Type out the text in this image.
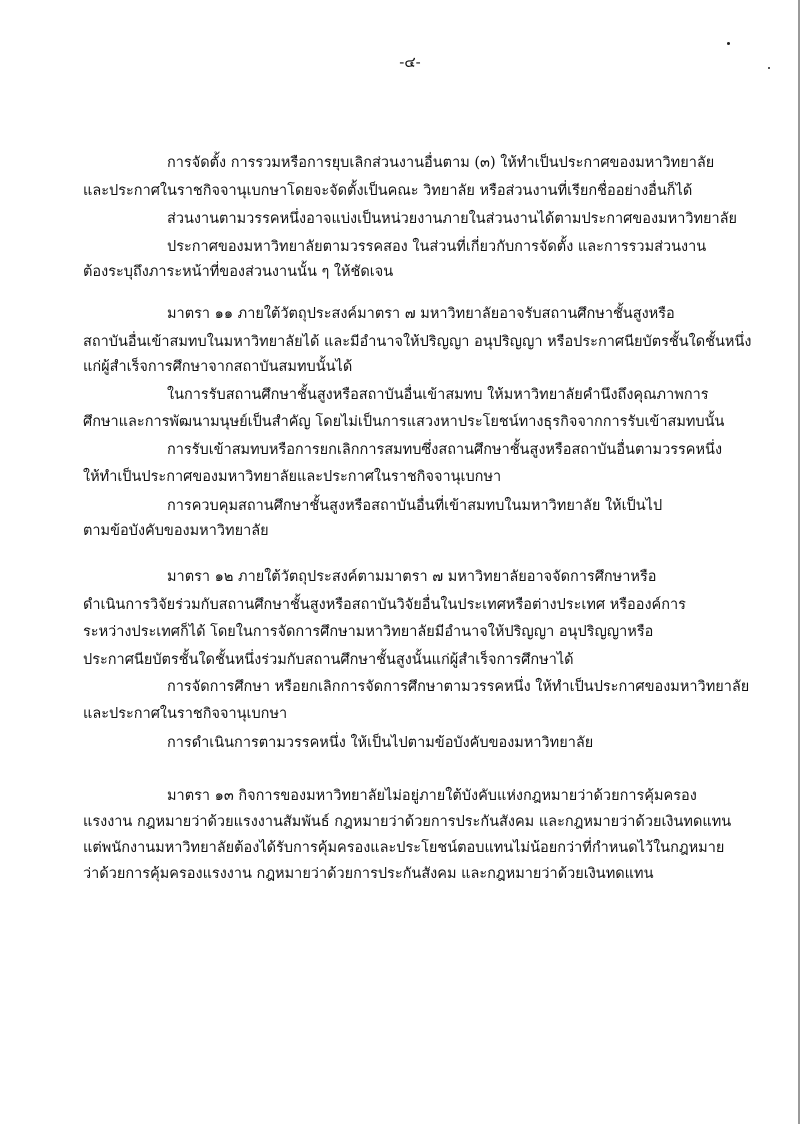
-๔-
การจัดตั้ง การรวมหรือการยุบเลิกส่วนงานอื่นตาม (๓) ให้ทำเป็นประกาศของมหาวิทยาลัย
และประกาศในราชกิจจานุเบกษาโดยจะจัดตั้งเป็นคณะ วิทยาลัย หรือส่วนงานที่เรียกชื่ออย่างอื่นก็ได้
ส่วนงานตามวรรคหนึ่งอาจแบ่งเป็นหน่วยงานภายในส่วนงานได้ตามประกาศของมหาวิทยาลัย
ประกาศของมหาวิทยาลัยตามวรรคสอง ในส่วนที่เกี่ยวกับการจัดตั้ง และการรวมส่วนงาน
ต้องระบุถึงภาระหน้าที่ของส่วนงานนั้น ๆ ให้ชัดเจน
มาตรา ๑๑ ภายใต้วัตถุประสงค์มาตรา ๗ มหาวิทยาลัยอาจรับสถานศึกษาชั้นสูงหรือ
สถาบันอื่นเข้าสมทบในมหาวิทยาลัยได้ และมีอำนาจให้ปริญญา อนุปริญญา หรือประกาศนียบัตรชั้นใดชั้นหนึ่ง
แก่ผู้สำเร็จการศึกษาจากสถาบันสมทบนั้นได้
ในการรับสถานศึกษาชั้นสูงหรือสถาบันอื่นเข้าสมทบ ให้มหาวิทยาลัยคำนึงถึงคุณภาพการ
ศึกษาและการพัฒนามนุษย์เป็นสำคัญ โดยไม่เป็นการแสวงหาประโยชน์ทางธุรกิจจากการรับเข้าสมทบนั้น
การรับเข้าสมทบหรือการยกเลิกการสมทบซึ่งสถานศึกษาชั้นสูงหรือสถาบันอื่นตามวรรคหนึ่ง
ให้ทำเป็นประกาศของมหาวิทยาลัยและประกาศในราชกิจจานุเบกษา
การควบคุมสถานศึกษาชั้นสูงหรือสถาบันอื่นที่เข้าสมทบในมหาวิทยาลัย ให้เป็นไป
ตามข้อบังคับของมหาวิทยาลัย
มาตรา ๑๒ ภายใต้วัตถุประสงค์ตามมาตรา ๗ มหาวิทยาลัยอาจจัดการศึกษาหรือ
ดำเนินการวิจัยร่วมกับสถานศึกษาชั้นสูงหรือสถาบันวิจัยอื่นในประเทศหรือต่างประเทศ หรือองค์การ
ระหว่างประเทศก็ได้ โดยในการจัดการศึกษามหาวิทยาลัยมีอำนาจให้ปริญญา อนุปริญญาหรือ
ประกาศนียบัตรชั้นใดชั้นหนึ่งร่วมกับสถานศึกษาชั้นสูงนั้นแก่ผู้สำเร็จการศึกษาได้
การจัดการศึกษา หรือยกเลิกการจัดการศึกษาตามวรรคหนึ่ง ให้ทำเป็นประกาศของมหาวิทยาลัย
และประกาศในราชกิจจานุเบกษา
การดำเนินการตามวรรคหนึ่ง ให้เป็นไปตามข้อบังคับของมหาวิทยาลัย
มาตรา ๑๓ กิจการของมหาวิทยาลัยไม่อยู่ภายใต้บังคับแห่งกฎหมายว่าด้วยการคุ้มครอง
แรงงาน กฎหมายว่าด้วยแรงงานสัมพันธ์ กฎหมายว่าด้วยการประกันสังคม และกฎหมายว่าด้วยเงินทดแทน
แต่พนักงานมหาวิทยาลัยต้องได้รับการคุ้มครองและประโยชน์ตอบแทนไม่น้อยกว่าที่กำหนดไว้ในกฎหมาย
ว่าด้วยการคุ้มครองแรงงาน กฎหมายว่าด้วยการประกันสังคม และกฎหมายว่าด้วยเงินทดแทน
